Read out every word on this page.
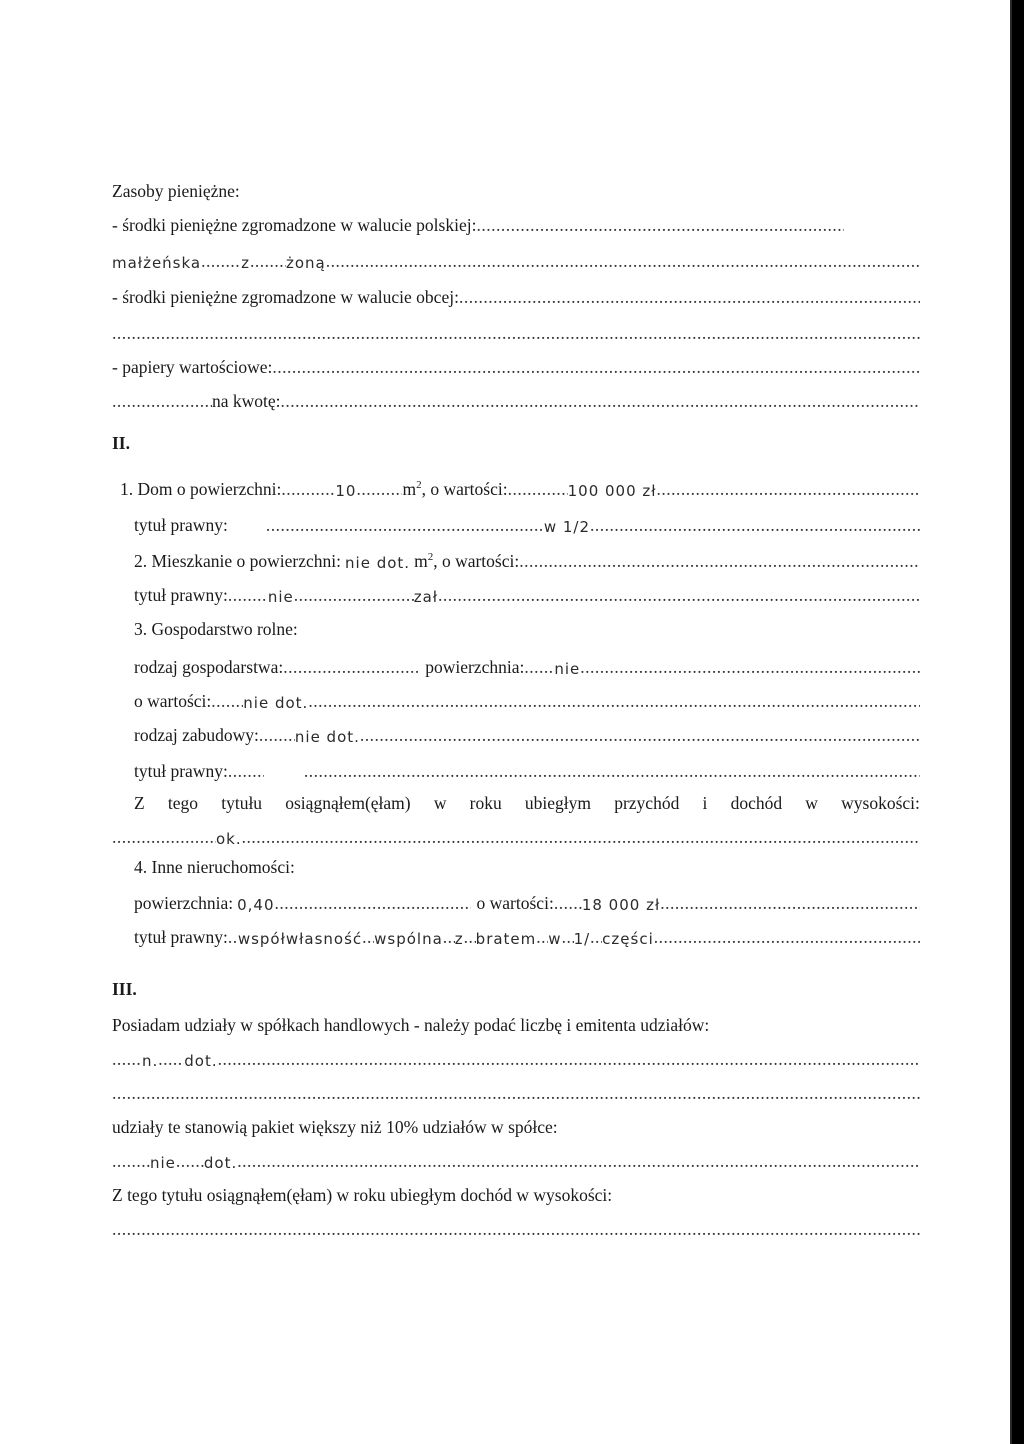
Zasoby pieniężne:
- środki pieniężne zgromadzone w walucie polskiej:
.....
małżeńska .....	z ..... żoną
.....
- środki pieniężne zgromadzone w walucie obcej:
.....
.....
- papiery wartościowe:
.....
.....
na kwotę:
.....
II.
1. Dom o powierzchni: .....	10 .....	$m^2$ , o wartości: .....	100 000 zł
.....
tytuł prawny: .....	w 1/2
.....
2. Mieszkanie o powierzchni: nie dot. $m^2$ , o wartości:
.....
tytuł prawny: .....	nie .....	zał
.....
3. Gospodarstwo rolne:
rodzaj gospodarstwa: .....	powierzchnia: ..... nie
.....
o wartości: ..... nie dot.
.....
rodzaj zabudowy: ..... nie dot.
.....
tytuł prawny:
.....
.....
Z tego tytułu osiągnąłem(ęłam) w roku ubiegłym przychód i dochód w wysokości:
.....
ok.
.....
4. Inne nieruchomości:
powierzchnia: 0,40 .....	o wartości: ..... 18 000 zł
.....
tytuł prawny: ..... współwłasność ..... wspólna ..... z ..... bratem ..... w ..... 1/ ..... części
.....
III.
Posiadam udziały w spółkach handlowych - należy podać liczbę i emitenta udziałów:
.....
n. ..... dot.
.....
.....
udziały te stanowią pakiet większy niż 10% udziałów w spółce:
.....
nie ..... dot.
.....
Z tego tytułu osiągnąłem(ęłam) w roku ubiegłym dochód w wysokości:
.....
